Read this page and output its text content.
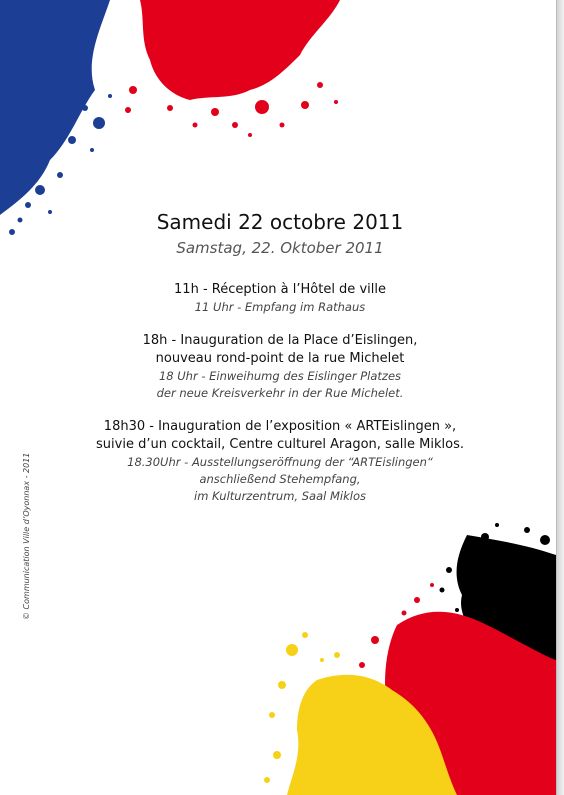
Samedi 22 octobre 2011
Samstag, 22. Oktober 2011
11h - Réception à l’Hôtel de ville
11 Uhr - Empfang im Rathaus
18h - Inauguration de la Place d’Eislingen,
nouveau rond-point de la rue Michelet
18 Uhr - Einweihumg des Eislinger Platzes
der neue Kreisverkehr in der Rue Michelet.
18h30 - Inauguration de l’exposition « ARTEislingen »,
suivie d’un cocktail, Centre culturel Aragon, salle Miklos.
18.30Uhr - Ausstellungseröffnung der “ARTEislingen“
anschließend Stehempfang,
im Kulturzentrum, Saal Miklos
© Communication Ville d’Oyonnax - 2011
